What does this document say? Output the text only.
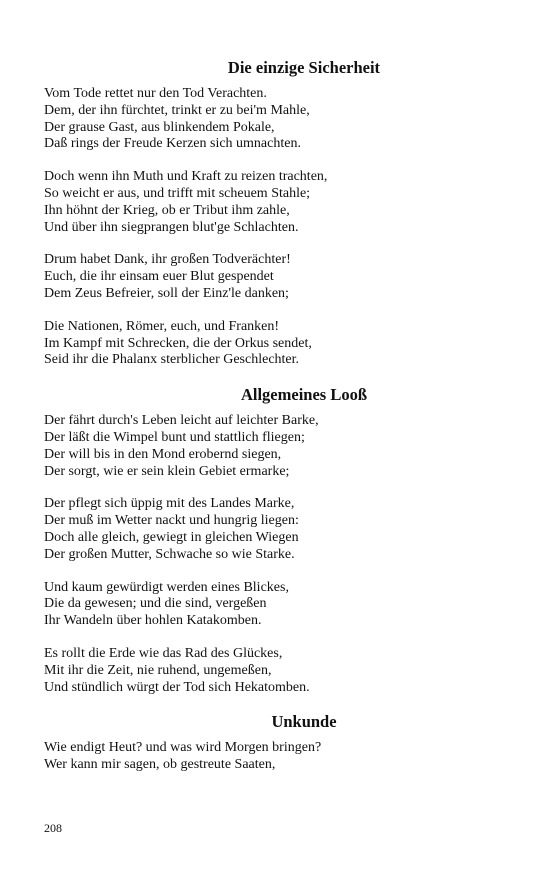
Die einzige Sicherheit
Vom Tode rettet nur den Tod Verachten.
Dem, der ihn fürchtet, trinkt er zu bei'm Mahle,
Der grause Gast, aus blinkendem Pokale,
Daß rings der Freude Kerzen sich umnachten.
Doch wenn ihn Muth und Kraft zu reizen trachten,
So weicht er aus, und trifft mit scheuem Stahle;
Ihn höhnt der Krieg, ob er Tribut ihm zahle,
Und über ihn siegprangen blut'ge Schlachten.
Drum habet Dank, ihr großen Todverächter!
Euch, die ihr einsam euer Blut gespendet
Dem Zeus Befreier, soll der Einz'le danken;
Die Nationen, Römer, euch, und Franken!
Im Kampf mit Schrecken, die der Orkus sendet,
Seid ihr die Phalanx sterblicher Geschlechter.
Allgemeines Looß
Der fährt durch's Leben leicht auf leichter Barke,
Der läßt die Wimpel bunt und stattlich fliegen;
Der will bis in den Mond erobernd siegen,
Der sorgt, wie er sein klein Gebiet ermarke;
Der pflegt sich üppig mit des Landes Marke,
Der muß im Wetter nackt und hungrig liegen:
Doch alle gleich, gewiegt in gleichen Wiegen
Der großen Mutter, Schwache so wie Starke.
Und kaum gewürdigt werden eines Blickes,
Die da gewesen; und die sind, vergeßen
Ihr Wandeln über hohlen Katakomben.
Es rollt die Erde wie das Rad des Glückes,
Mit ihr die Zeit, nie ruhend, ungemeßen,
Und stündlich würgt der Tod sich Hekatomben.
Unkunde
Wie endigt Heut? und was wird Morgen bringen?
Wer kann mir sagen, ob gestreute Saaten,
208
